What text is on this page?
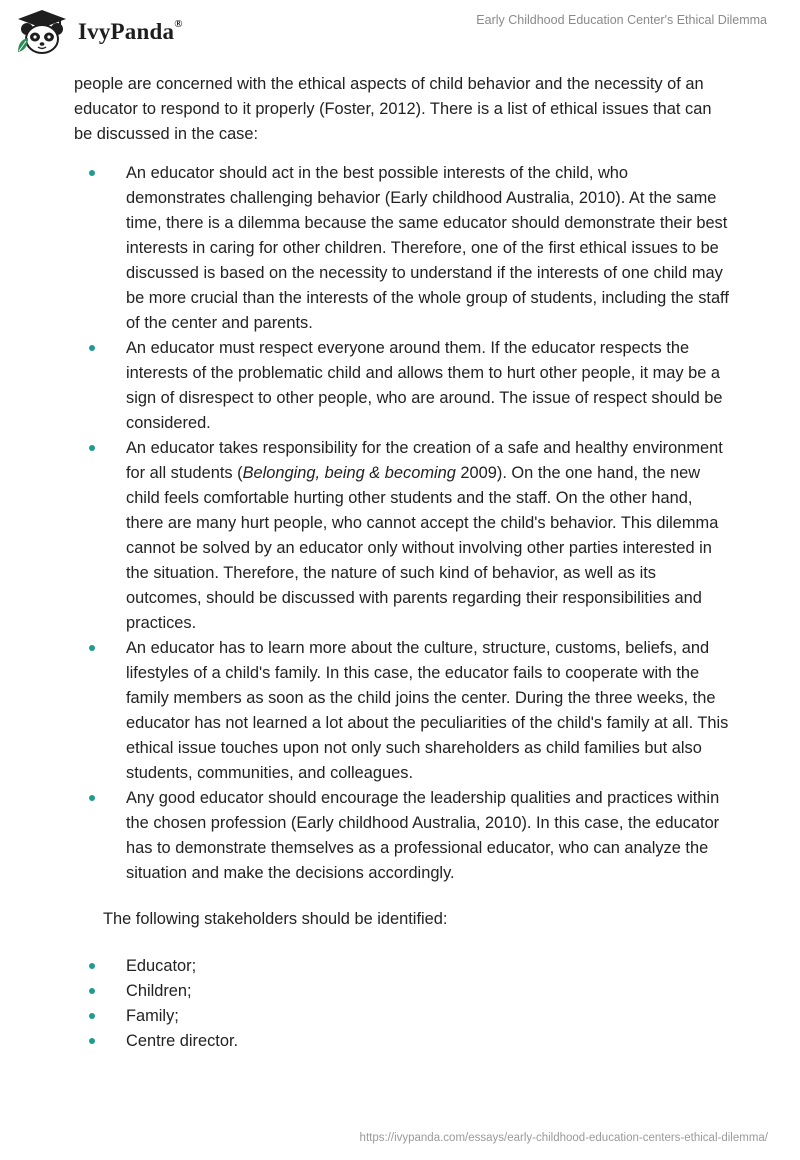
IvyPanda®	Early Childhood Education Center's Ethical Dilemma

people are concerned with the ethical aspects of child behavior and the necessity of an educator to respond to it properly (Foster, 2012). There is a list of ethical issues that can be discussed in the case:

An educator should act in the best possible interests of the child, who demonstrates challenging behavior (Early childhood Australia, 2010). At the same time, there is a dilemma because the same educator should demonstrate their best interests in caring for other children. Therefore, one of the first ethical issues to be discussed is based on the necessity to understand if the interests of one child may be more crucial than the interests of the whole group of students, including the staff of the center and parents.
An educator must respect everyone around them. If the educator respects the interests of the problematic child and allows them to hurt other people, it may be a sign of disrespect to other people, who are around. The issue of respect should be considered.
An educator takes responsibility for the creation of a safe and healthy environment for all students (Belonging, being & becoming 2009). On the one hand, the new child feels comfortable hurting other students and the staff. On the other hand, there are many hurt people, who cannot accept the child's behavior. This dilemma cannot be solved by an educator only without involving other parties interested in the situation. Therefore, the nature of such kind of behavior, as well as its outcomes, should be discussed with parents regarding their responsibilities and practices.
An educator has to learn more about the culture, structure, customs, beliefs, and lifestyles of a child's family. In this case, the educator fails to cooperate with the family members as soon as the child joins the center. During the three weeks, the educator has not learned a lot about the peculiarities of the child's family at all. This ethical issue touches upon not only such shareholders as child families but also students, communities, and colleagues.
Any good educator should encourage the leadership qualities and practices within the chosen profession (Early childhood Australia, 2010). In this case, the educator has to demonstrate themselves as a professional educator, who can analyze the situation and make the decisions accordingly.

The following stakeholders should be identified:

Educator;
Children;
Family;
Centre director.
https://ivypanda.com/essays/early-childhood-education-centers-ethical-dilemma/
